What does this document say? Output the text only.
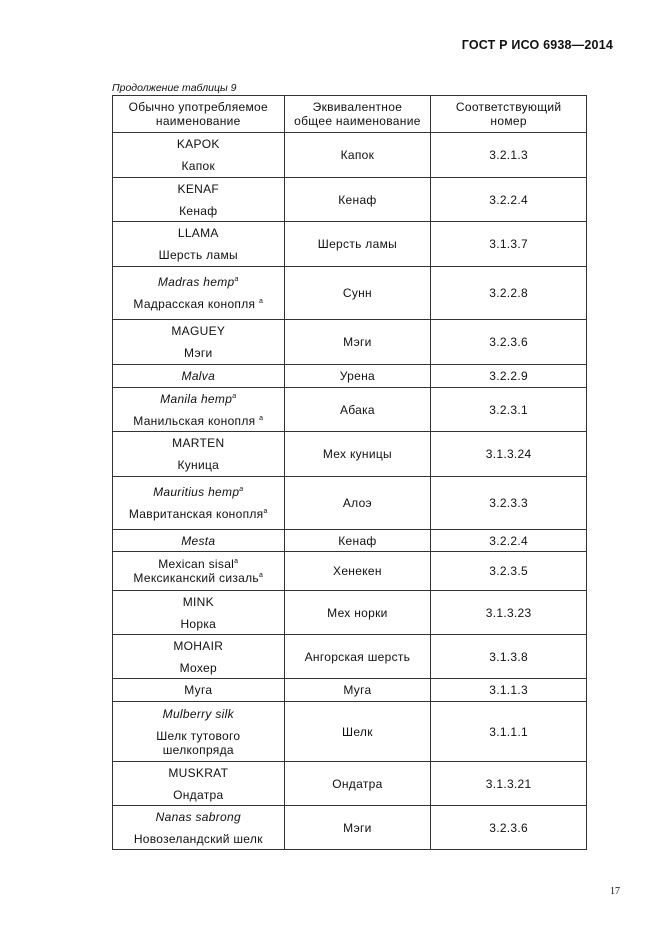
ГОСТ Р ИСО 6938—2014
Продолжение таблицы 9
Обычно употребляемое
наименование	Эквивалентное
общее наименование	Соответствующий
номер

KAPOK
Капок	Капок	3.2.1.3

KENAF
Кенаф	Кенаф	3.2.2.4

LLAMA
Шерсть ламы	Шерсть ламы	3.1.3.7

Madras hemp$^a$
Мадрасская конопля $^a$	Сунн	3.2.2.8

MAGUEY
Мэги	Мэги	3.2.3.6

Malva	Урена	3.2.2.9

Manila hemp$^a$
Манильская конопля $^a$	Абака	3.2.3.1

MARTEN
Куница	Мех куницы	3.1.3.24

Mauritius hemp$^a$
Мавританская конопля$^a$	Алоэ	3.2.3.3

Mesta	Кенаф	3.2.2.4

Mexican sisal$^a$
Мексиканский сизаль$^a$	Хенекен	3.2.3.5

MINK
Норка	Мех норки	3.1.3.23

MOHAIR
Мохер	Ангорская шерсть	3.1.3.8

Муга	Муга	3.1.1.3

Mulberry silk
Шелк тутового
шелкопряда	Шелк	3.1.1.1

MUSKRAT
Ондатра	Ондатра	3.1.3.21

Nanas sabrong
Новозеландский шелк	Мэги	3.2.3.6
17
